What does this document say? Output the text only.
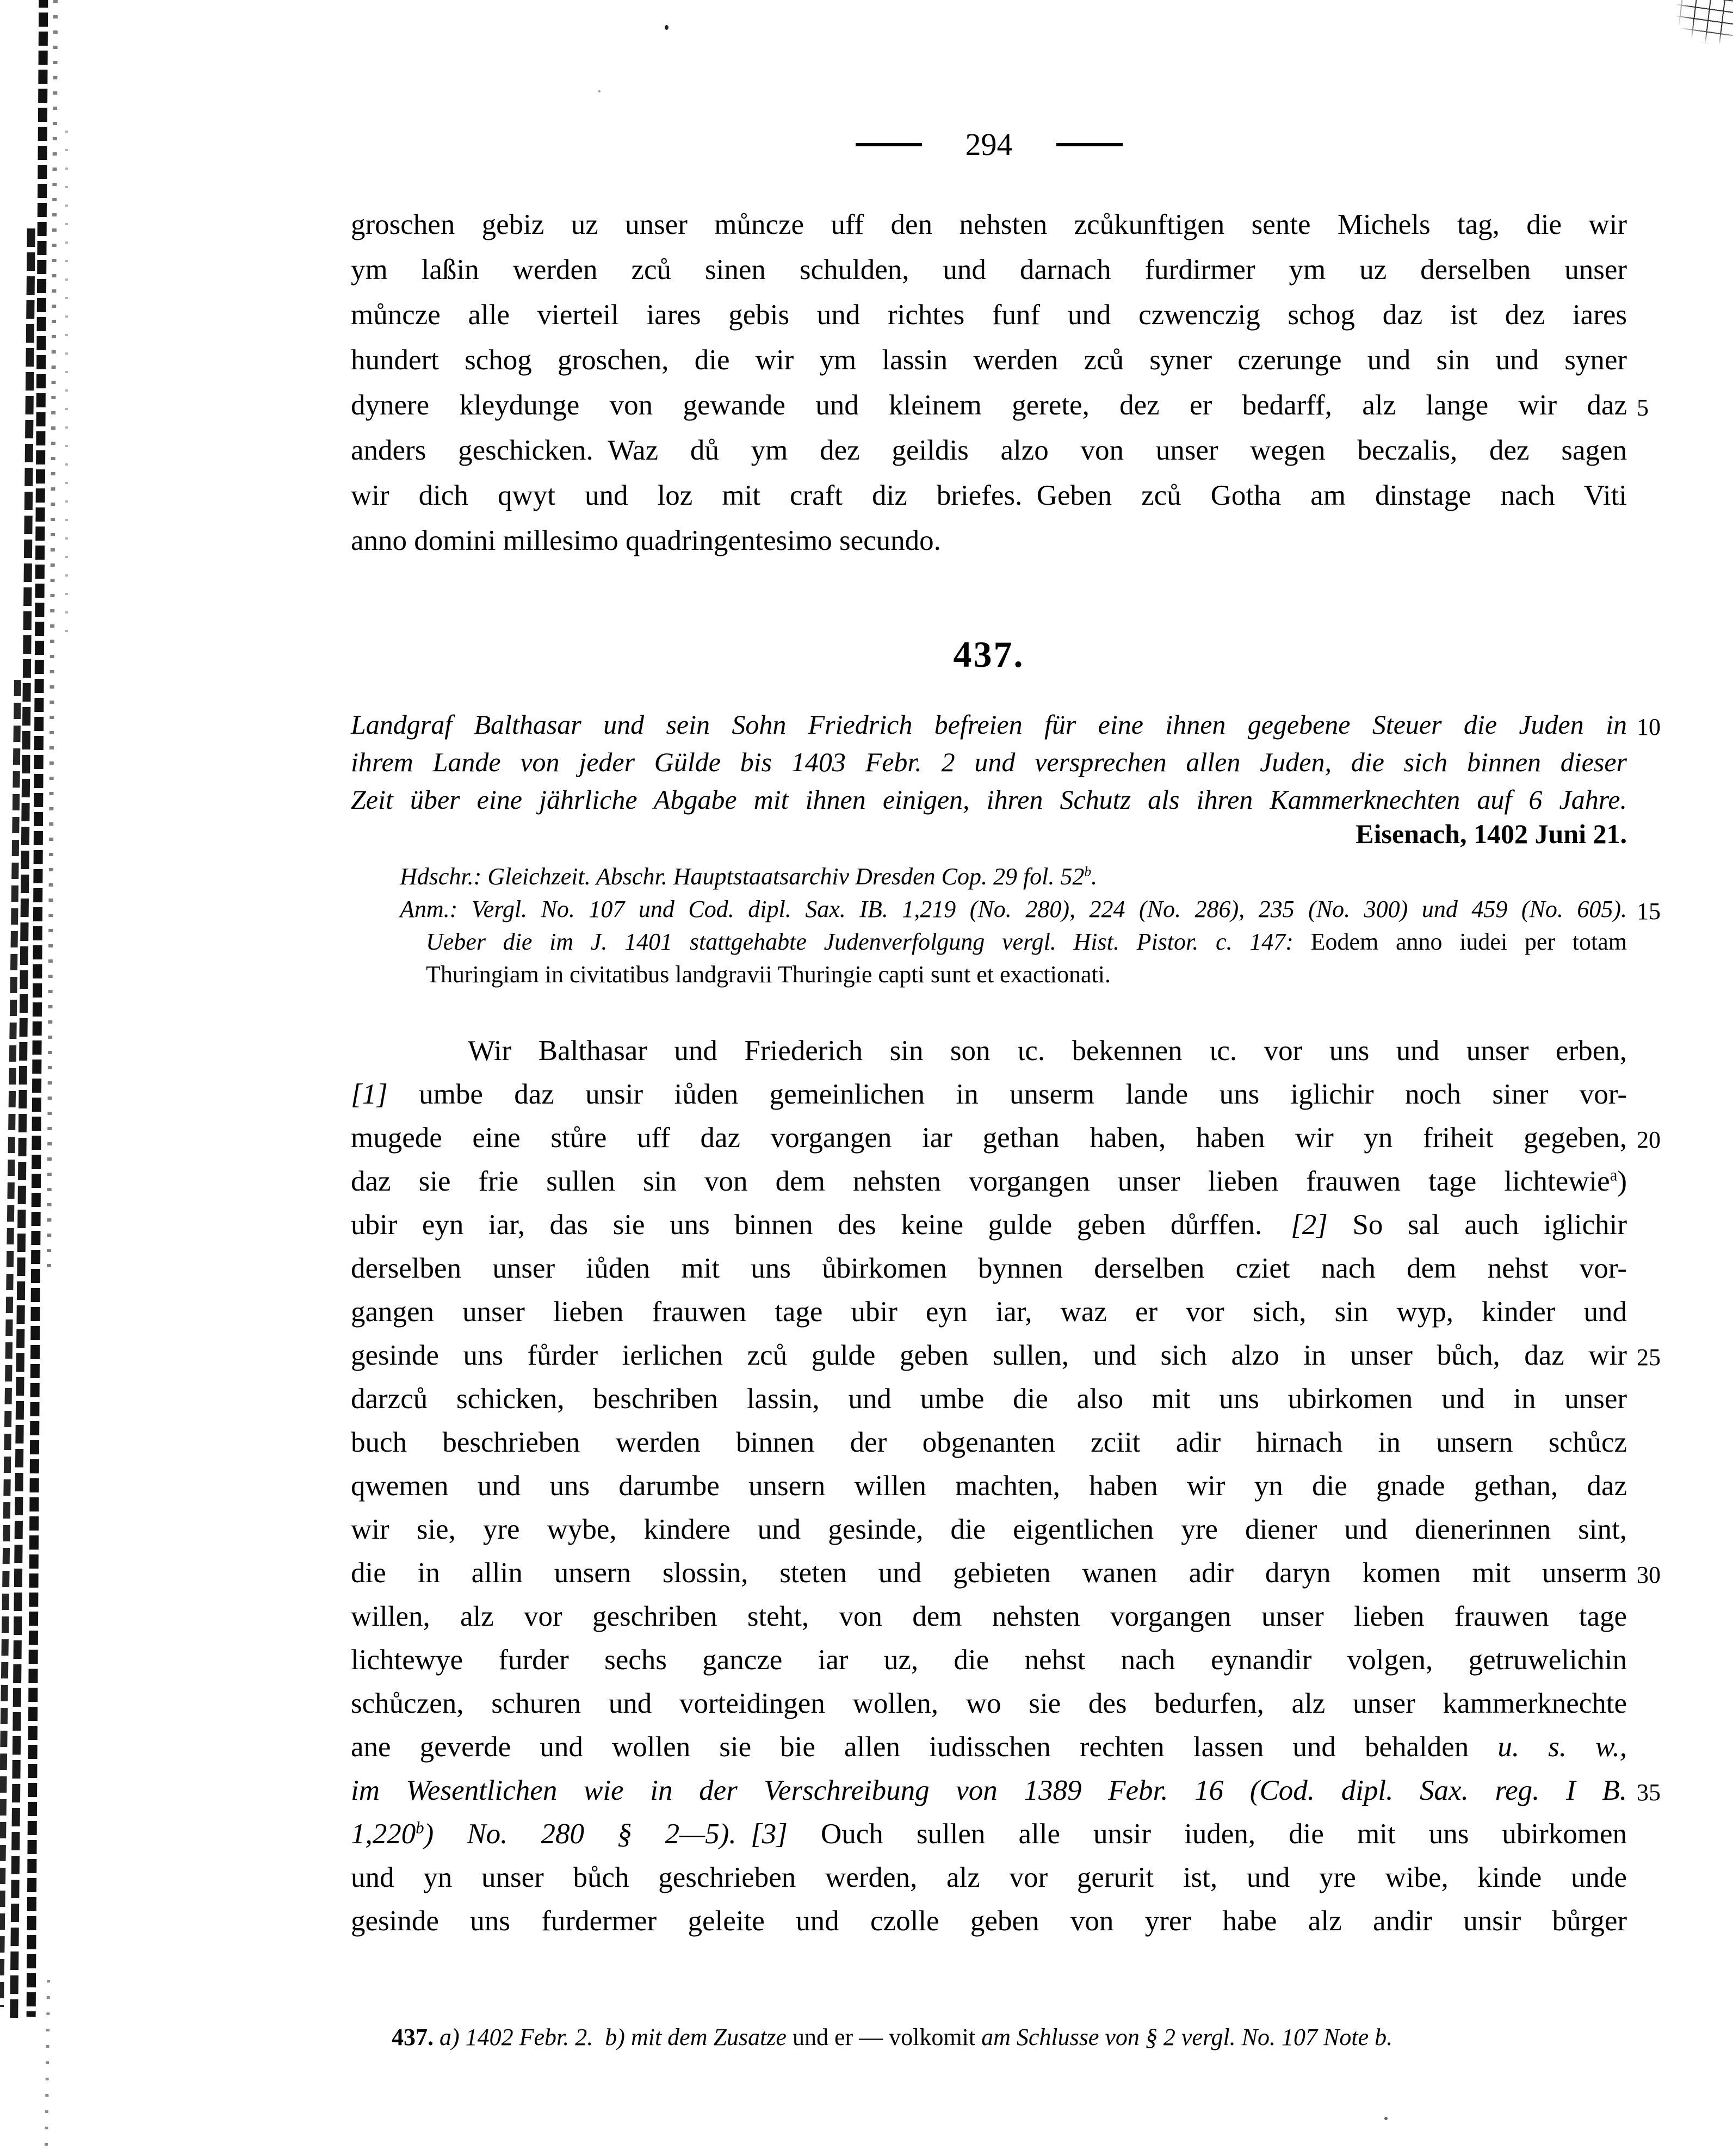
294
groschen gebiz uz unser můncze uff den nehsten zcůkunftigen sente Michels tag, die wir
ym laßin werden zců sinen schulden, und darnach furdirmer ym uz derselben unser
můncze alle vierteil iares gebis und richtes funf und czwenczig schog daz ist dez iares
hundert schog groschen, die wir ym lassin werden zců syner czerunge und sin und syner
dynere kleydunge von gewande und kleinem gerete, dez er bedarff, alz lange wir daz 5
anders geschicken. Waz dů ym dez geildis alzo von unser wegen beczalis, dez sagen
wir dich qwyt und loz mit craft diz briefes. Geben zců Gotha am dinstage nach Viti
anno domini millesimo quadringentesimo secundo.
437.
Landgraf Balthasar und sein Sohn Friedrich befreien für eine ihnen gegebene Steuer die Juden in 10
ihrem Lande von jeder Gülde bis 1403 Febr. 2 und versprechen allen Juden, die sich binnen dieser
Zeit über eine jährliche Abgabe mit ihnen einigen, ihren Schutz als ihren Kammerknechten auf 6 Jahre.
Eisenach, 1402 Juni 21.
Hdschr.: Gleichzeit. Abschr. Hauptstaatsarchiv Dresden Cop. 29 fol. 52$^b$.
Anm.: Vergl. No. 107 und Cod. dipl. Sax. IB. 1,219 (No. 280), 224 (No. 286), 235 (No. 300) und 459 (No. 605). 15
Ueber die im J. 1401 stattgehabte Judenverfolgung vergl. Hist. Pistor. c. 147: Eodem anno iudei per totam
Thuringiam in civitatibus landgravii Thuringie capti sunt et exactionati.
Wir Balthasar und Friederich sin son ɩc. bekennen ɩc. vor uns und unser erben,
[1] umbe daz unsir iůden gemeinlichen in unserm lande uns iglichir noch siner vor-
mugede eine stůre uff daz vorgangen iar gethan haben, haben wir yn friheit gegeben, 20
daz sie frie sullen sin von dem nehsten vorgangen unser lieben frauwen tage lichtewie$^a$)
ubir eyn iar, das sie uns binnen des keine gulde geben důrffen. [2] So sal auch iglichir
derselben unser iůden mit uns ůbirkomen bynnen derselben cziet nach dem nehst vor-
gangen unser lieben frauwen tage ubir eyn iar, waz er vor sich, sin wyp, kinder und
gesinde uns fůrder ierlichen zců gulde geben sullen, und sich alzo in unser bůch, daz wir 25
darzců schicken, beschriben lassin, und umbe die also mit uns ubirkomen und in unser
buch beschrieben werden binnen der obgenanten zciit adir hirnach in unsern schůcz
qwemen und uns darumbe unsern willen machten, haben wir yn die gnade gethan, daz
wir sie, yre wybe, kindere und gesinde, die eigentlichen yre diener und dienerinnen sint,
die in allin unsern slossin, steten und gebieten wanen adir daryn komen mit unserm 30
willen, alz vor geschriben steht, von dem nehsten vorgangen unser lieben frauwen tage
lichtewye furder sechs gancze iar uz, die nehst nach eynandir volgen, getruwelichin
schůczen, schuren und vorteidingen wollen, wo sie des bedurfen, alz unser kammerknechte
ane geverde und wollen sie bie allen iudisschen rechten lassen und behalden u. s. w.,
im Wesentlichen wie in der Verschreibung von 1389 Febr. 16 (Cod. dipl. Sax. reg. I B. 35
1,220$^b$) No. 280 § 2—5). [3] Ouch sullen alle unsir iuden, die mit uns ubirkomen
und yn unser bůch geschrieben werden, alz vor gerurit ist, und yre wibe, kinde unde
gesinde uns furdermer geleite und czolle geben von yrer habe alz andir unsir bůrger
437. a) 1402 Febr. 2. b) mit dem Zusatze und er — volkomit am Schlusse von § 2 vergl. No. 107 Note b.
